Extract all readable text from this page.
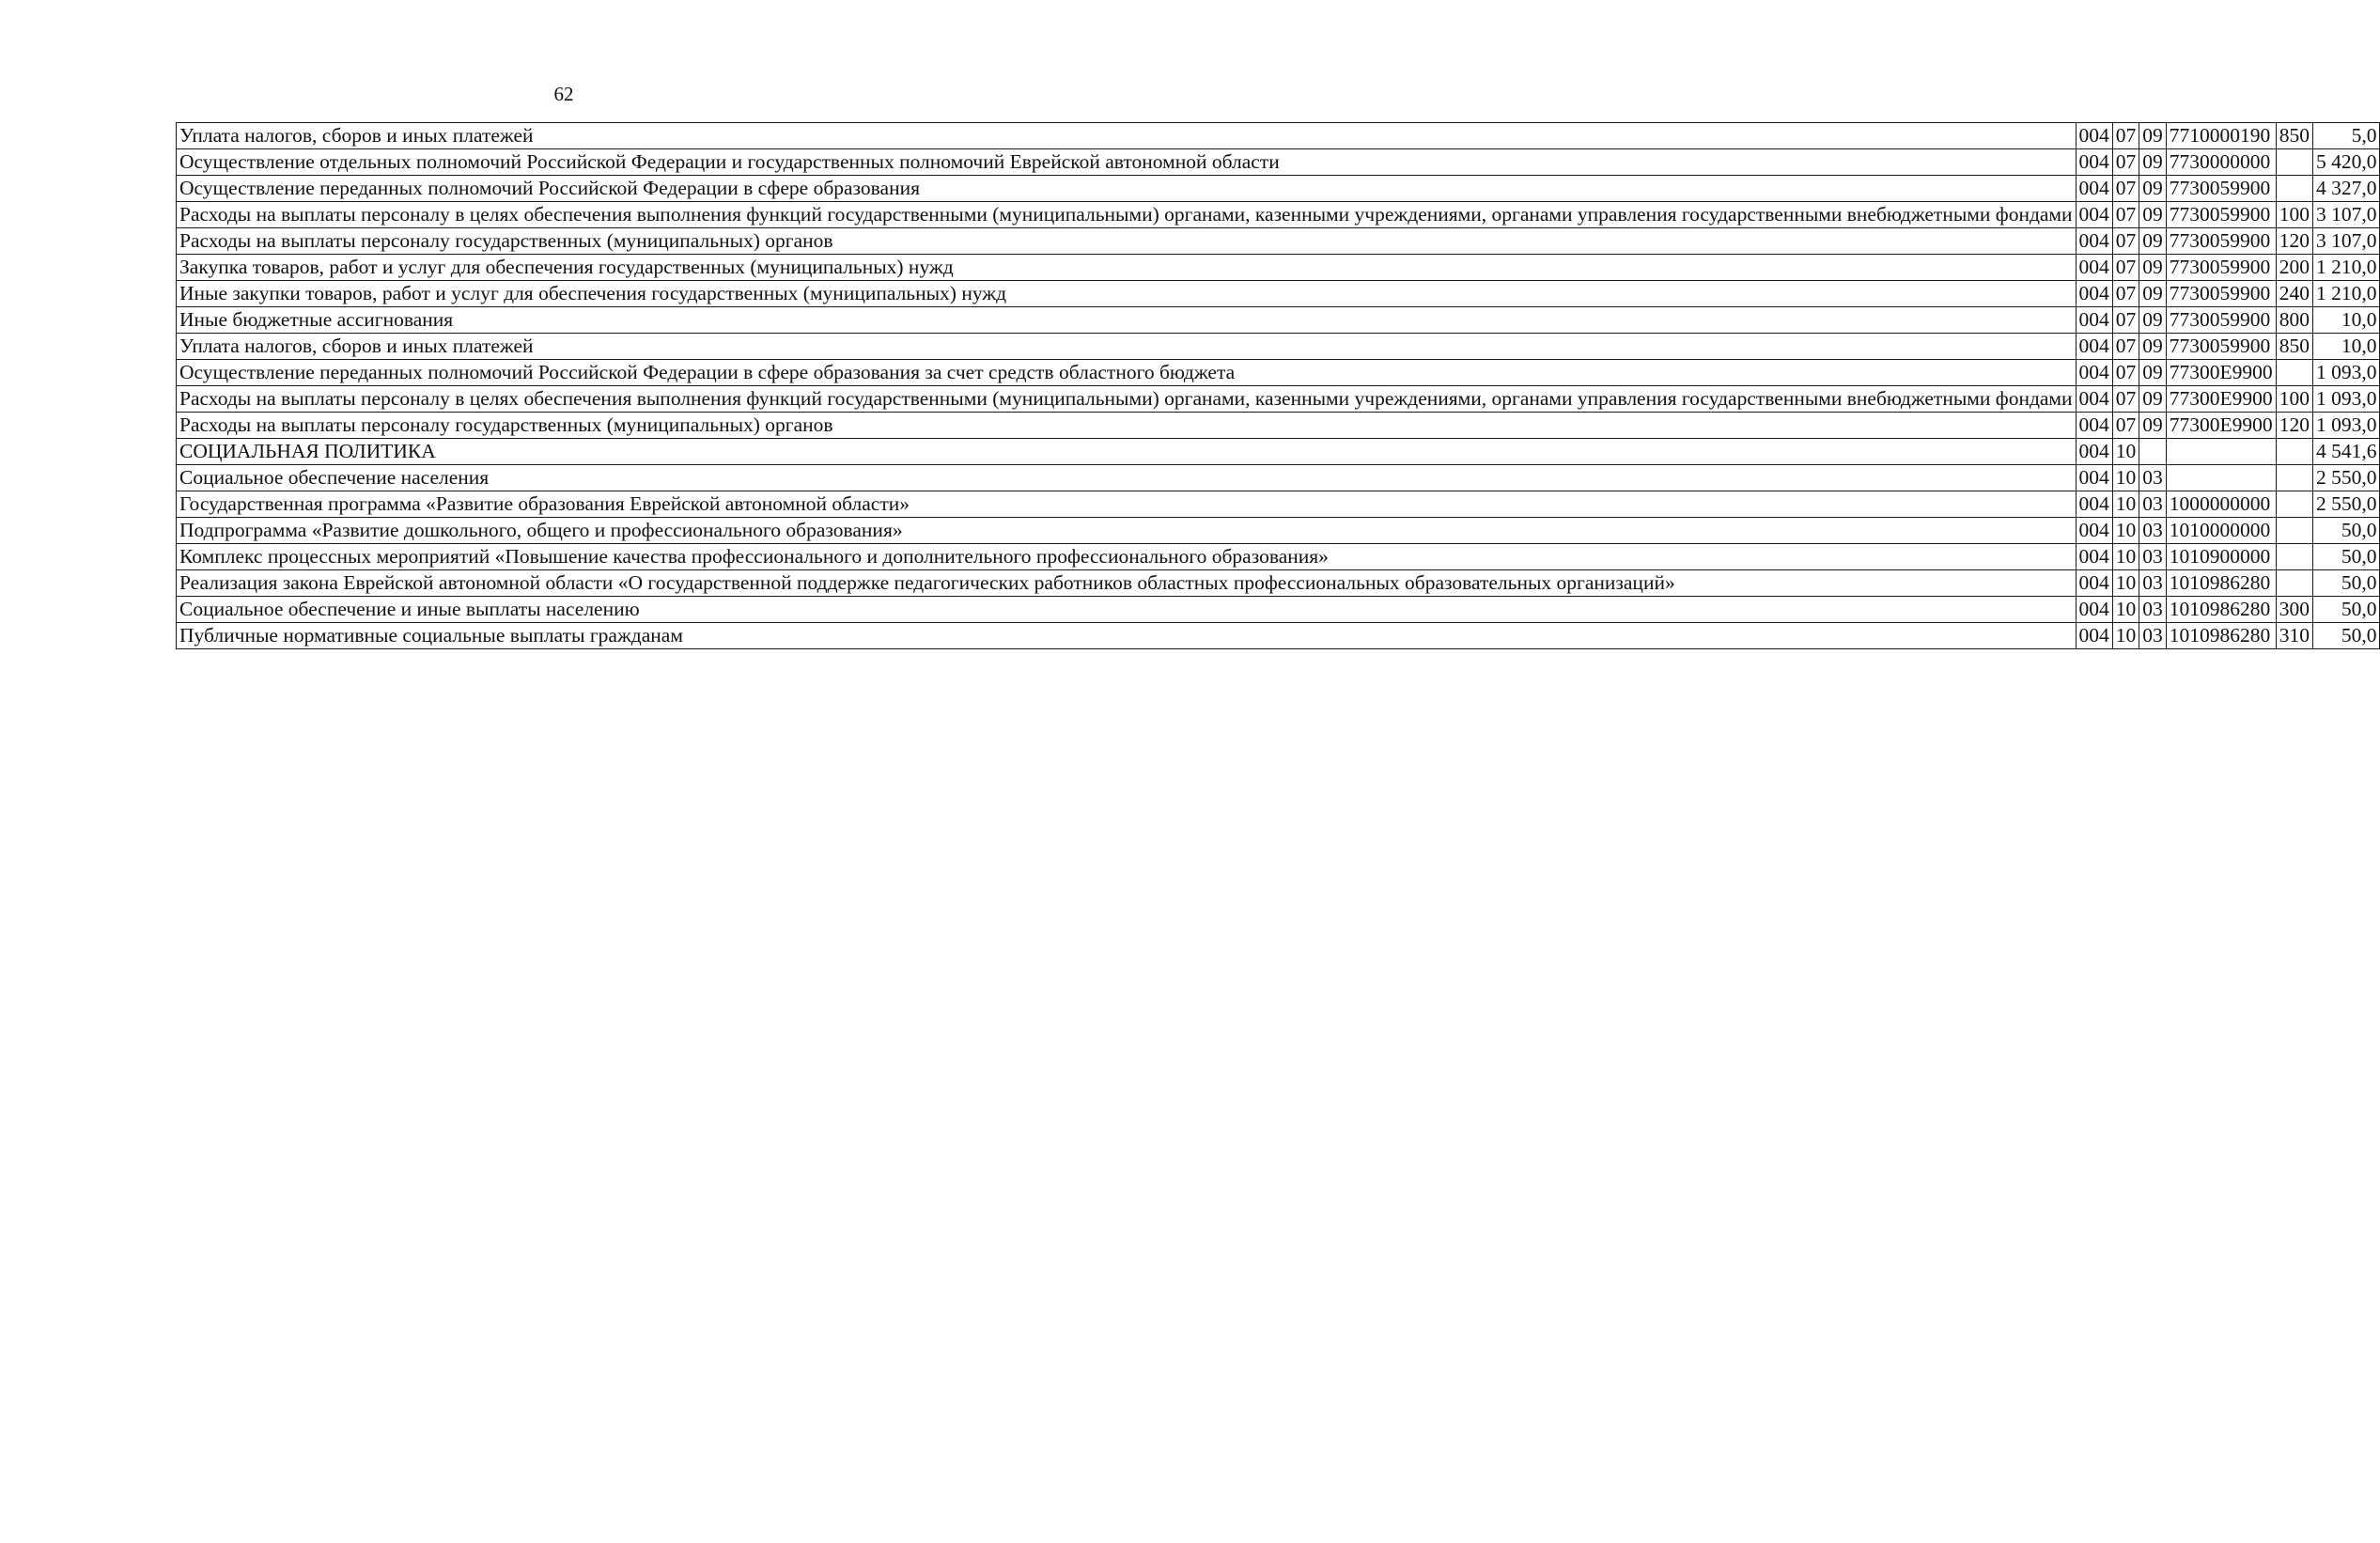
62
Уплата налогов, сборов и иных платежей	004	07	09	7710000190	850	5,0
Осуществление отдельных полномочий Российской Федерации и государственных полномочий Еврейской автономной области	004	07	09	7730000000		5 420,0
Осуществление переданных полномочий Российской Федерации в сфере образования	004	07	09	7730059900		4 327,0
Расходы на выплаты персоналу в целях обеспечения выполнения функций государственными (муниципальными) органами, казенными учреждениями, органами управления государственными внебюджетными фондами	004	07	09	7730059900	100	3 107,0
Расходы на выплаты персоналу государственных (муниципальных) органов	004	07	09	7730059900	120	3 107,0
Закупка товаров, работ и услуг для обеспечения государственных (муниципальных) нужд	004	07	09	7730059900	200	1 210,0
Иные закупки товаров, работ и услуг для обеспечения государственных (муниципальных) нужд	004	07	09	7730059900	240	1 210,0
Иные бюджетные ассигнования	004	07	09	7730059900	800	10,0
Уплата налогов, сборов и иных платежей	004	07	09	7730059900	850	10,0
Осуществление переданных полномочий Российской Федерации в сфере образования за счет средств областного бюджета	004	07	09	77300E9900		1 093,0
Расходы на выплаты персоналу в целях обеспечения выполнения функций государственными (муниципальными) органами, казенными учреждениями, органами управления государственными внебюджетными фондами	004	07	09	77300E9900	100	1 093,0
Расходы на выплаты персоналу государственных (муниципальных) органов	004	07	09	77300E9900	120	1 093,0
СОЦИАЛЬНАЯ ПОЛИТИКА	004	10				4 541,6
Социальное обеспечение населения	004	10	03			2 550,0
Государственная программа «Развитие образования Еврейской автономной области»	004	10	03	1000000000		2 550,0
Подпрограмма «Развитие дошкольного, общего и профессионального образования»	004	10	03	1010000000		50,0
Комплекс процессных мероприятий «Повышение качества профессионального и дополнительного профессионального образования»	004	10	03	1010900000		50,0
Реализация закона Еврейской автономной области «О государственной поддержке педагогических работников областных профессиональных образовательных организаций»	004	10	03	1010986280		50,0
Социальное обеспечение и иные выплаты населению	004	10	03	1010986280	300	50,0
Публичные нормативные социальные выплаты гражданам	004	10	03	1010986280	310	50,0
